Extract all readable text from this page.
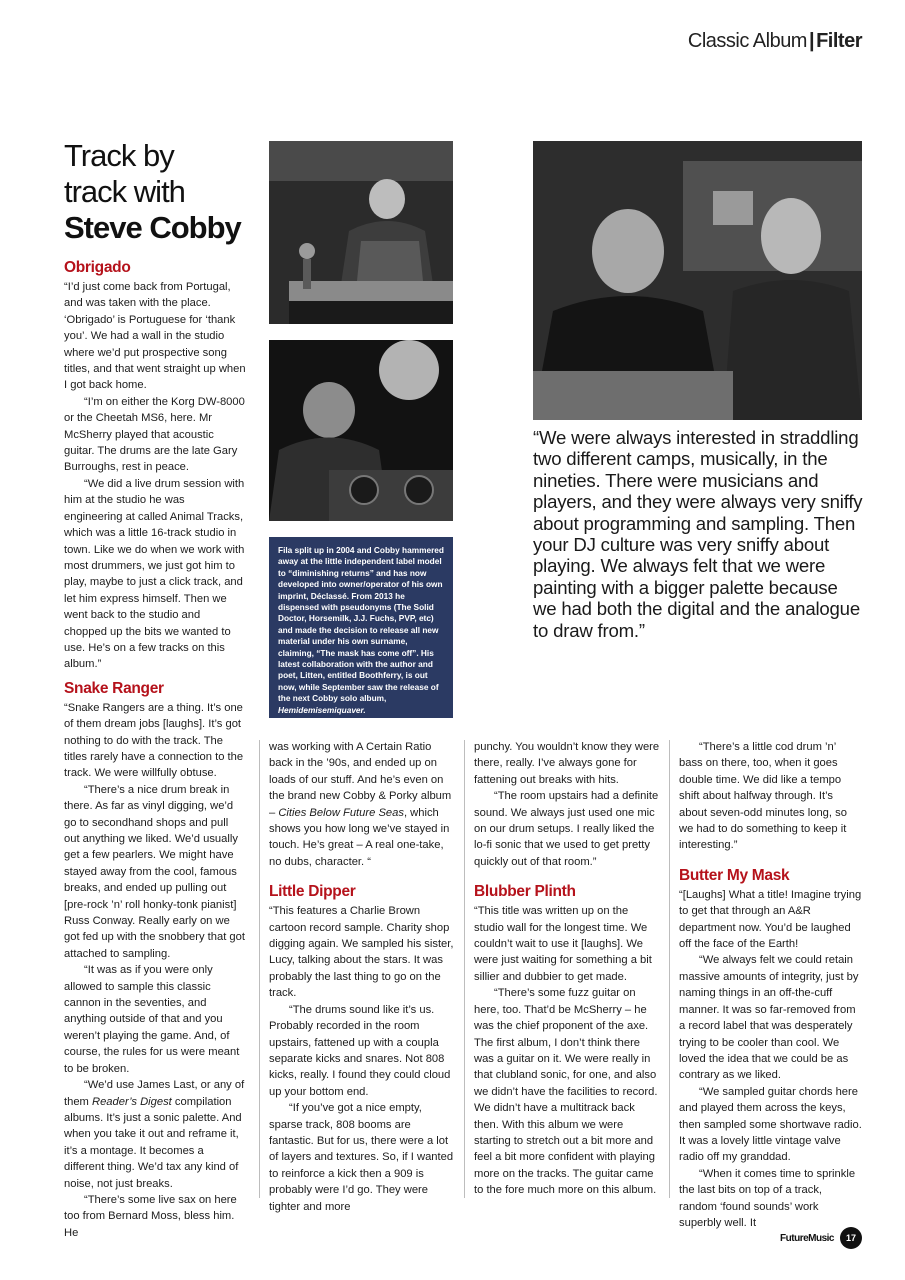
Classic Album | Filter
Track by
track with
Steve Cobby
Fila split up in 2004 and Cobby hammered away at the little independent label model to “diminishing returns” and has now developed into owner/operator of his own imprint, Déclassé. From 2013 he dispensed with pseudonyms (The Solid Doctor, Horsemilk, J.J. Fuchs, PVP, etc) and made the decision to release all new material under his own surname, claiming, “The mask has come off”. His latest collaboration with the author and poet, Litten, entitled Boothferry, is out now, while September saw the release of the next Cobby solo album, Hemidemisemiquaver.
“We were always interested in straddling two different camps, musically, in the nineties. There were musicians and players, and they were always very sniffy about programming and sampling. Then your DJ culture was very sniffy about playing. We always felt that we were painting with a bigger palette because we had both the digital and the analogue to draw from.”
Obrigado

“I’d just come back from Portugal, and was taken with the place. ‘Obrigado’ is Portuguese for ‘thank you’. We had a wall in the studio where we’d put prospective song titles, and that went straight up when I got back home.

“I’m on either the Korg DW-8000 or the Cheetah MS6, here. Mr McSherry played that acoustic guitar. The drums are the late Gary Burroughs, rest in peace.

“We did a live drum session with him at the studio he was engineering at called Animal Tracks, which was a little 16-track studio in town. Like we do when we work with most drummers, we just got him to play, maybe to just a click track, and let him express himself. Then we went back to the studio and chopped up the bits we wanted to use. He’s on a few tracks on this album.”

Snake Ranger

“Snake Rangers are a thing. It’s one of them dream jobs [laughs]. It’s got nothing to do with the track. The titles rarely have a connection to the track. We were willfully obtuse.

“There’s a nice drum break in there. As far as vinyl digging, we’d go to secondhand shops and pull out anything we liked. We’d usually get a few pearlers. We might have stayed away from the cool, famous breaks, and ended up pulling out [pre-rock ’n’ roll honky-tonk pianist] Russ Conway. Really early on we got fed up with the snobbery that got attached to sampling.

“It was as if you were only allowed to sample this classic cannon in the seventies, and anything outside of that and you weren’t playing the game. And, of course, the rules for us were meant to be broken.

“We’d use James Last, or any of them Reader’s Digest compilation albums. It’s just a sonic palette. And when you take it out and reframe it, it’s a montage. It becomes a different thing. We’d tax any kind of noise, not just breaks.

“There’s some live sax on here too from Bernard Moss, bless him. He

was working with A Certain Ratio back in the ’90s, and ended up on loads of our stuff. And he’s even on the brand new Cobby & Porky album – Cities Below Future Seas, which shows you how long we’ve stayed in touch. He’s great – A real one-take, no dubs, character. “

Little Dipper

“This features a Charlie Brown cartoon record sample. Charity shop digging again. We sampled his sister, Lucy, talking about the stars. It was probably the last thing to go on the track.

“The drums sound like it’s us. Probably recorded in the room upstairs, fattened up with a coupla separate kicks and snares. Not 808 kicks, really. I found they could cloud up your bottom end.

“If you’ve got a nice empty, sparse track, 808 booms are fantastic. But for us, there were a lot of layers and textures. So, if I wanted to reinforce a kick then a 909 is probably were I’d go. They were tighter and more

punchy. You wouldn’t know they were there, really. I’ve always gone for fattening out breaks with hits.

“The room upstairs had a definite sound. We always just used one mic on our drum setups. I really liked the lo-fi sonic that we used to get pretty quickly out of that room.”

Blubber Plinth

“This title was written up on the studio wall for the longest time. We couldn’t wait to use it [laughs]. We were just waiting for something a bit sillier and dubbier to get made.

“There’s some fuzz guitar on here, too. That’d be McSherry – he was the chief proponent of the axe. The first album, I don’t think there was a guitar on it. We were really in that clubland sonic, for one, and also we didn’t have the facilities to record. We didn’t have a multitrack back then. With this album we were starting to stretch out a bit more and feel a bit more confident with playing more on the tracks. The guitar came to the fore much more on this album.

“There’s a little cod drum ’n’ bass on there, too, when it goes double time. We did like a tempo shift about halfway through. It’s about seven-odd minutes long, so we had to do something to keep it interesting.”

Butter My Mask

“[Laughs] What a title! Imagine trying to get that through an A&R department now. You’d be laughed off the face of the Earth!

“We always felt we could retain massive amounts of integrity, just by naming things in an off-the-cuff manner. It was so far-removed from a record label that was desperately trying to be cooler than cool. We loved the idea that we could be as contrary as we liked.

“We sampled guitar chords here and played them across the keys, then sampled some shortwave radio. It was a lovely little vintage valve radio off my granddad.

“When it comes time to sprinkle the last bits on top of a track, random ‘found sounds’ work superbly well. It

FutureMusic	17
